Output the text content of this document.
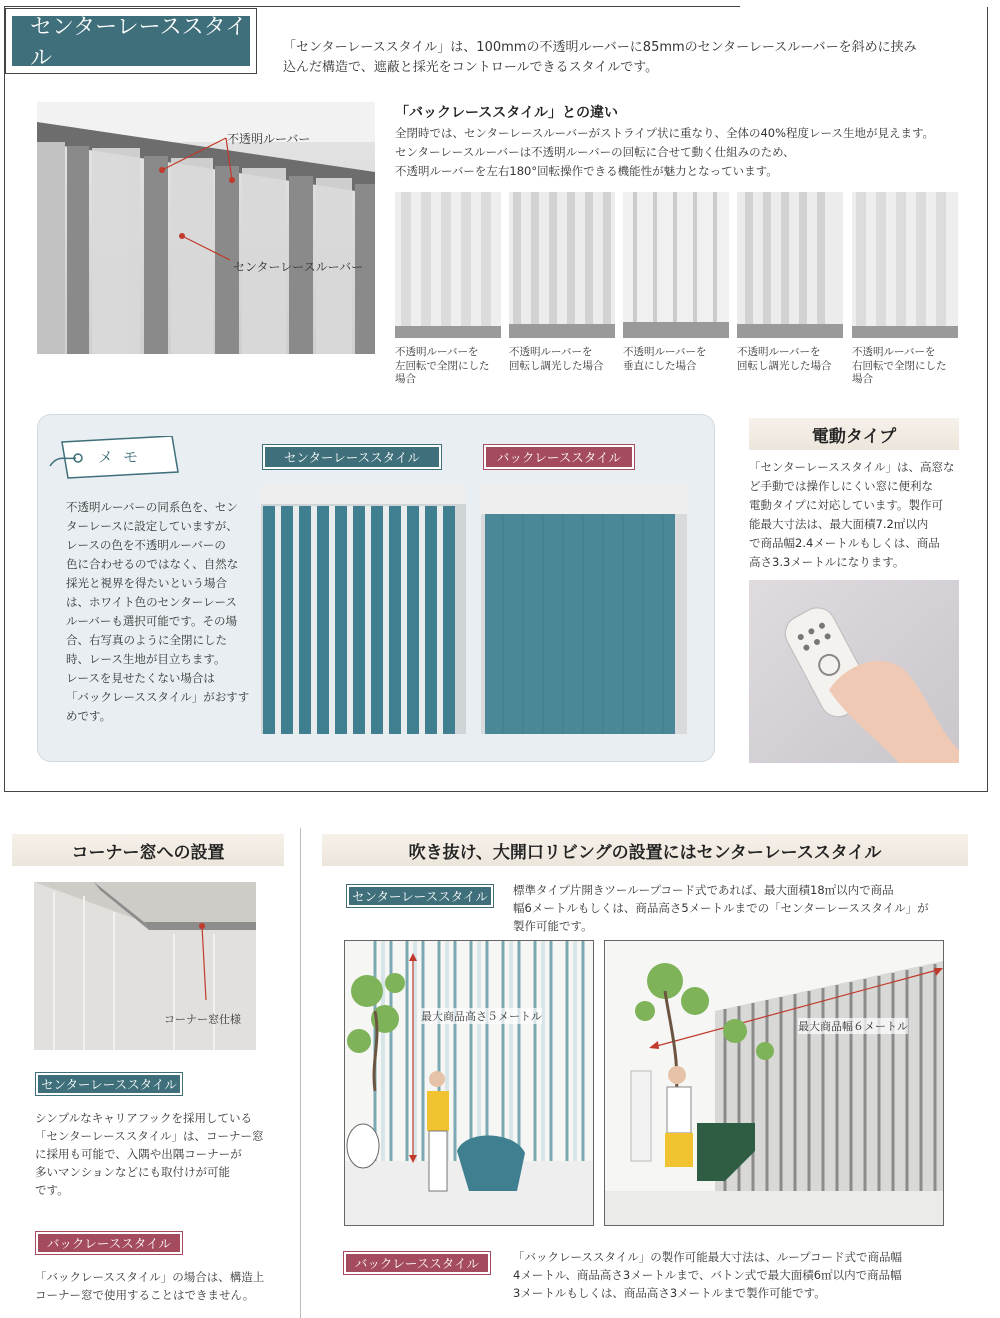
センターレーススタイル	「センターレーススタイル」は、100mmの不透明ルーバーに85mmのセンターレースルーバーを斜めに挟み
込んだ構造で、遮蔽と採光をコントロールできるスタイルです。
不透明ルーバー
センターレースルーバー
「バックレーススタイル」との違い
全閉時では、センターレースルーバーがストライプ状に重なり、全体の40%程度レース生地が見えます。
センターレースルーバーは不透明ルーバーの回転に合せて動く仕組みのため、
不透明ルーバーを左右180°回転操作できる機能性が魅力となっています。
不透明ルーバーを
左回転で全閉にした
場合
不透明ルーバーを
回転し調光した場合
不透明ルーバーを
垂直にした場合
不透明ルーバーを
回転し調光した場合
不透明ルーバーを
右回転で全閉にした
場合
メモ
不透明ルーバーの同系色を、セン
ターレースに設定していますが、
レースの色を不透明ルーバーの
色に合わせるのではなく、自然な
採光と視界を得たいという場合
は、ホワイト色のセンターレース
ルーバーも選択可能です。その場
合、右写真のように全閉にした
時、レース生地が目立ちます。
レースを見せたくない場合は
「バックレーススタイル」がおすす
めです。
センターレーススタイル	バックレーススタイル
電動タイプ
「センターレーススタイル」は、高窓な
ど手動では操作しにくい窓に便利な
電動タイプに対応しています。製作可
能最大寸法は、最大面積7.2㎡以内
で商品幅2.4メートルもしくは、商品
高さ3.3メートルになります。
コーナー窓への設置
コーナー窓仕様
センターレーススタイル
シンプルなキャリアフックを採用している
「センターレーススタイル」は、コーナー窓
に採用も可能で、入隅や出隅コーナーが
多いマンションなどにも取付けが可能
です。
バックレーススタイル
「バックレーススタイル」の場合は、構造上
コーナー窓で使用することはできません。
吹き抜け、大開口リビングの設置にはセンターレーススタイル
センターレーススタイル	標準タイプ片開きツーループコード式であれば、最大面積18㎡以内で商品
幅6メートルもしくは、商品高さ5メートルまでの「センターレーススタイル」が
製作可能です。
最大商品高さ５メートル
最大商品幅６メートル
バックレーススタイル	「バックレーススタイル」の製作可能最大寸法は、ループコード式で商品幅
4メートル、商品高さ3メートルまで、バトン式で最大面積6㎡以内で商品幅
3メートルもしくは、商品高さ3メートルまで製作可能です。
